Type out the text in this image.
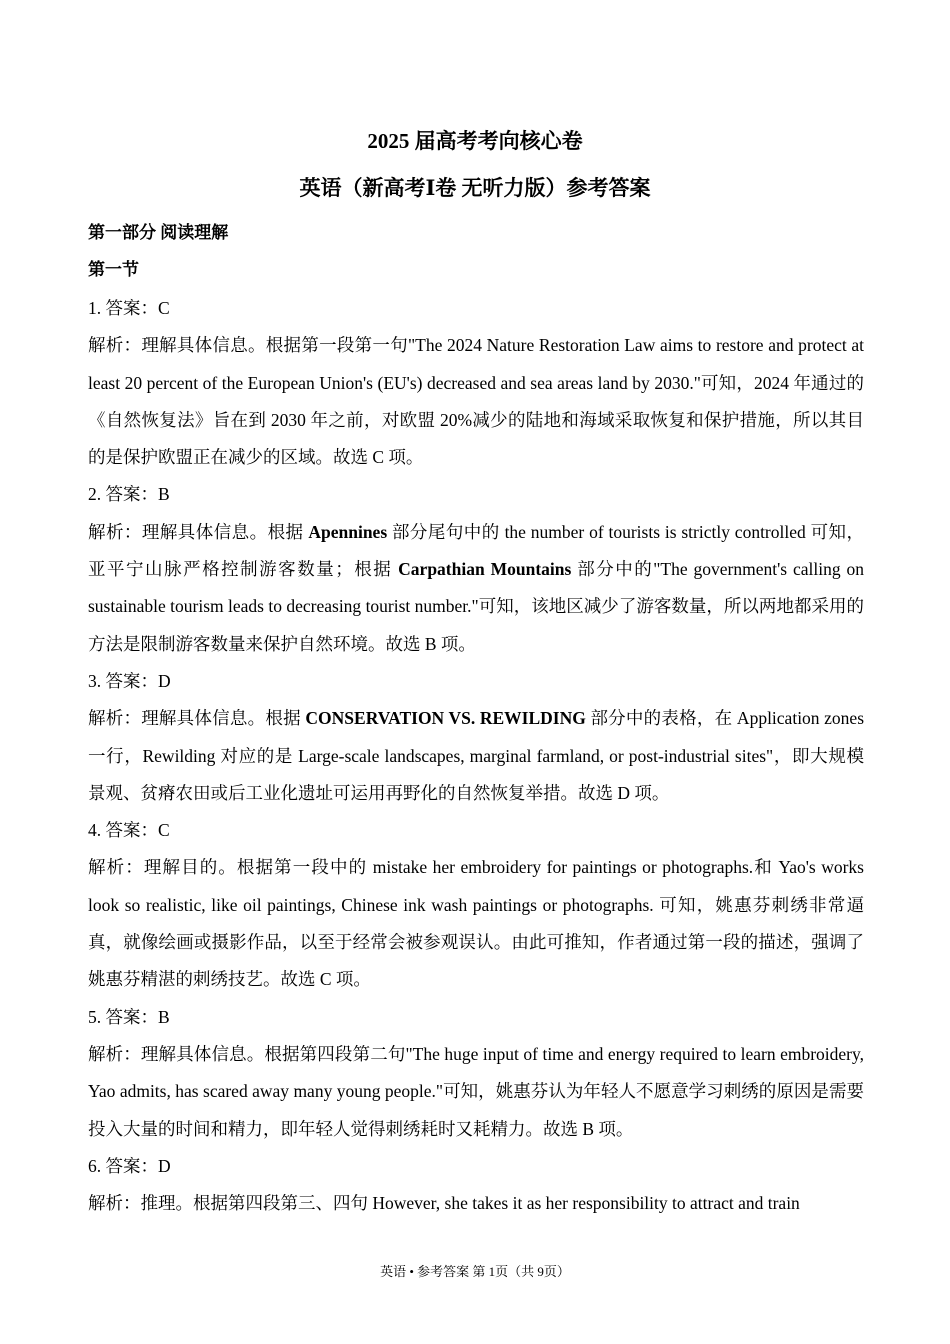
2025 届高考考向核心卷
英语（新高考Ⅰ卷 无听力版）参考答案
第一部分 阅读理解
第一节
1. 答案：C
解析：理解具体信息。根据第一段第一句"The 2024 Nature Restoration Law aims to restore and protect at least 20 percent of the European Union's (EU's) decreased and sea areas land by 2030."可知，2024 年通过的《自然恢复法》旨在到 2030 年之前，对欧盟 20%减少的陆地和海域采取恢复和保护措施，所以其目的是保护欧盟正在减少的区域。故选 C 项。
2. 答案：B
解析：理解具体信息。根据 Apennines 部分尾句中的 the number of tourists is strictly controlled 可知，亚平宁山脉严格控制游客数量；根据 Carpathian Mountains 部分中的"The government's calling on sustainable tourism leads to decreasing tourist number."可知，该地区减少了游客数量，所以两地都采用的方法是限制游客数量来保护自然环境。故选 B 项。
3. 答案：D
解析：理解具体信息。根据 CONSERVATION VS. REWILDING 部分中的表格，在 Application zones 一行，Rewilding 对应的是 Large-scale landscapes, marginal farmland, or post-industrial sites"，即大规模景观、贫瘠农田或后工业化遗址可运用再野化的自然恢复举措。故选 D 项。
4. 答案：C
解析：理解目的。根据第一段中的 mistake her embroidery for paintings or photographs.和 Yao's works look so realistic, like oil paintings, Chinese ink wash paintings or photographs. 可知，姚惠芬刺绣非常逼真，就像绘画或摄影作品，以至于经常会被参观误认。由此可推知，作者通过第一段的描述，强调了姚惠芬精湛的刺绣技艺。故选 C 项。
5. 答案：B
解析：理解具体信息。根据第四段第二句"The huge input of time and energy required to learn embroidery, Yao admits, has scared away many young people."可知，姚惠芬认为年轻人不愿意学习刺绣的原因是需要投入大量的时间和精力，即年轻人觉得刺绣耗时又耗精力。故选 B 项。
6. 答案：D
解析：推理。根据第四段第三、四句 However, she takes it as her responsibility to attract and train
英语 • 参考答案 第 1页（共 9页）
